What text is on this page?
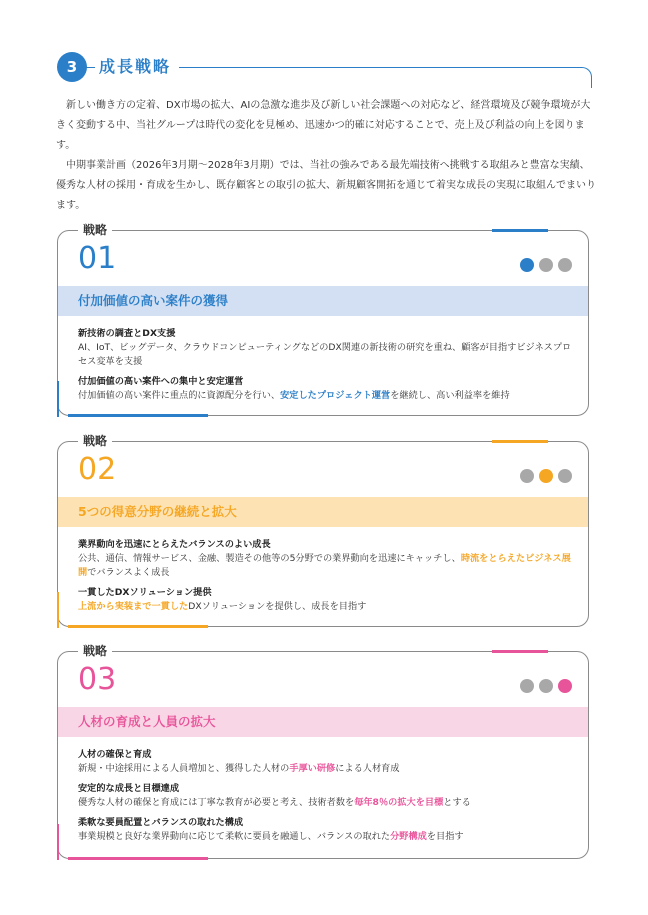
3	成長戦略

新しい働き方の定着、DX市場の拡大、AIの急激な進歩及び新しい社会課題への対応など、経営環境及び競争環境が大きく変動する中、当社グループは時代の変化を見極め、迅速かつ的確に対応することで、売上及び利益の向上を図ります。

中期事業計画（2026年3月期～2028年3月期）では、当社の強みである最先端技術へ挑戦する取組みと豊富な実績、優秀な人材の採用・育成を生かし、既存顧客との取引の拡大、新規顧客開拓を通じて着実な成長の実現に取組んでまいります。

戦略
01
付加価値の高い案件の獲得
新技術の調査とDX支援
AI、IoT、ビッグデータ、クラウドコンピューティングなどのDX関連の新技術の研究を重ね、顧客が目指すビジネスプロセス変革を支援
付加価値の高い案件への集中と安定運営
付加価値の高い案件に重点的に資源配分を行い、安定したプロジェクト運営を継続し、高い利益率を維持
戦略
02
5つの得意分野の継続と拡大
業界動向を迅速にとらえたバランスのよい成長
公共、通信、情報サービス、金融、製造その他等の5分野での業界動向を迅速にキャッチし、時流をとらえたビジネス展開でバランスよく成長
一貫したDXソリューション提供
上流から実装まで一貫したDXソリューションを提供し、成長を目指す
戦略
03
人材の育成と人員の拡大
人材の確保と育成
新規・中途採用による人員増加と、獲得した人材の手厚い研修による人材育成
安定的な成長と目標達成
優秀な人材の確保と育成には丁寧な教育が必要と考え、技術者数を毎年8％の拡大を目標とする
柔軟な要員配置とバランスの取れた構成
事業規模と良好な業界動向に応じて柔軟に要員を融通し、バランスの取れた分野構成を目指す
